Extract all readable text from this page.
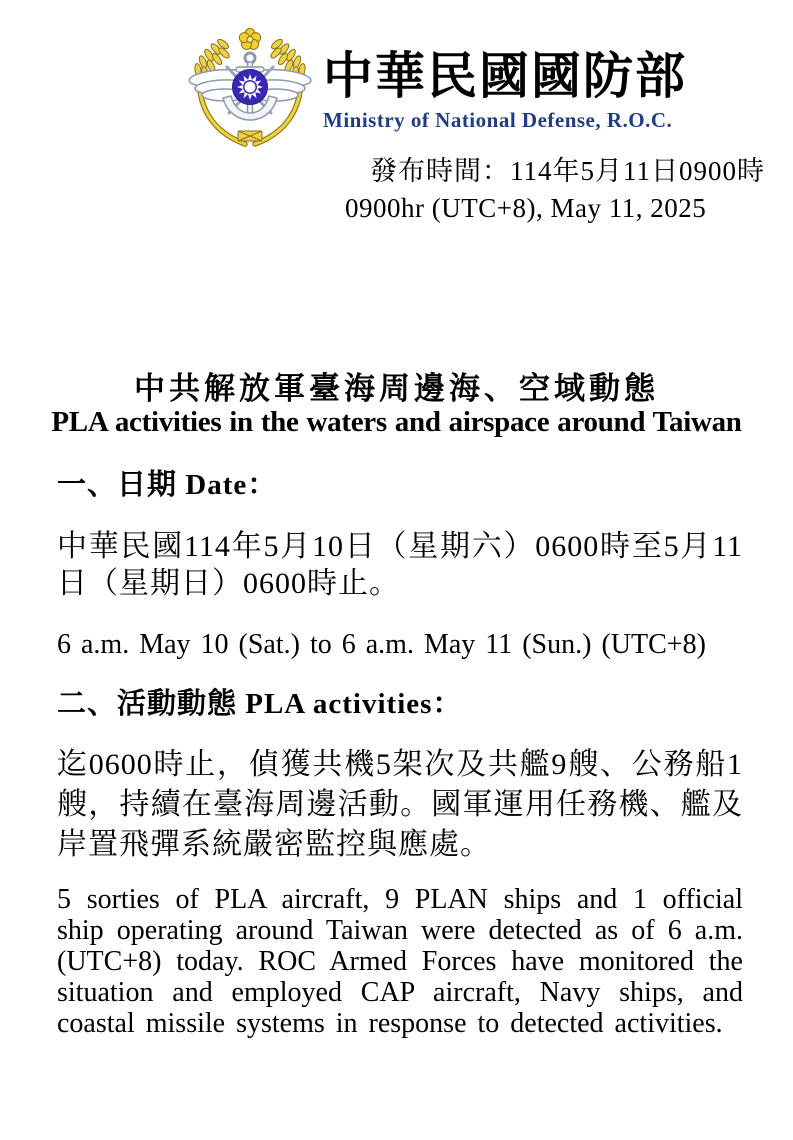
中華民國國防部
Ministry of National Defense, R.O.C.
發布時間：114年5月11日0900時
0900hr (UTC+8), May 11, 2025
中共解放軍臺海周邊海、空域動態
PLA activities in the waters and airspace around Taiwan
一、日期 Date：
中華民國114年5月10日（星期六）0600時至5月11日（星期日）0600時止。
6 a.m. May 10 (Sat.) to 6 a.m. May 11 (Sun.) (UTC+8)
二、活動動態 PLA activities：
迄0600時止，偵獲共機5架次及共艦9艘、公務船1艘，持續在臺海周邊活動。國軍運用任務機、艦及岸置飛彈系統嚴密監控與應處。
5 sorties of PLA aircraft, 9 PLAN ships and 1 official ship operating around Taiwan were detected as of 6 a.m. (UTC+8) today. ROC Armed Forces have monitored the situation and employed CAP aircraft, Navy ships, and coastal missile systems in response to detected activities.
